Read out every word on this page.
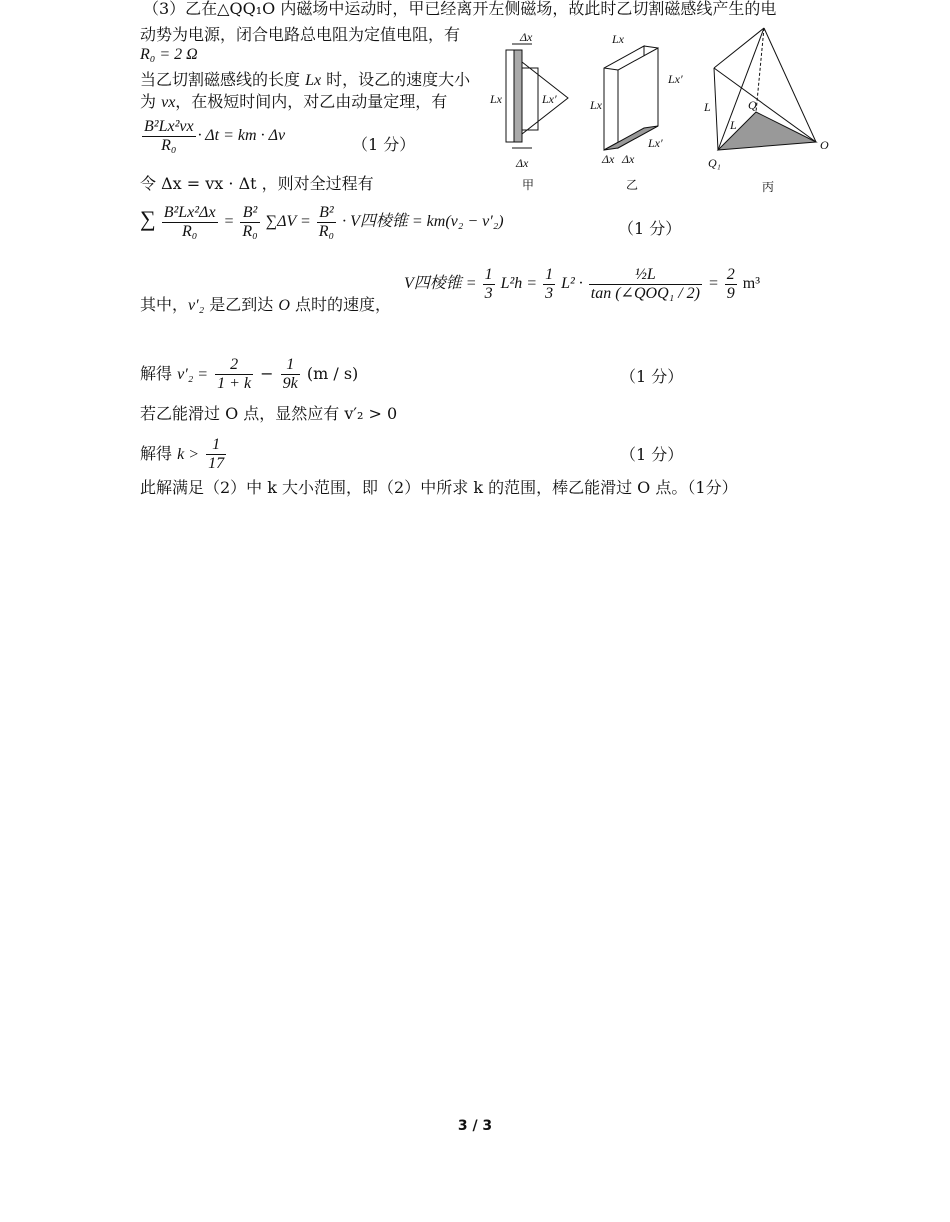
（3）乙在△QQ₁O 内磁场中运动时，甲已经离开左侧磁场，故此时乙切割磁感线产生的电
动势为电源，闭合电路总电阻为定值电阻，有
R₀ = 2 Ω
当乙切割磁感线的长度 Lx 时，设乙的速度大小
为 vx，在极短时间内，对乙由动量定理，有
$\frac{\text{B²Lx²vx}}{\text{R₀}} \cdot \Delta t$ = km · Δv	（1 分）
令 Δx = vx · Δt ，则对全过程有
∑ $\frac{\text{B²Lx²Δx}}{\text{R₀}} = \frac{\text{B²}}{\text{R₀}} \sum\Delta V = \frac{\text{B²}}{\text{R₀}} \cdot V$四棱锥 = km(v₂ − v′₂)	（1 分）
其中，v′₂ 是乙到达 O 点时的速度，
V四棱锥 = $\frac{1}{3} L^2h = \frac{1}{3} L^2 \cdot \frac{\text{½L}}{\text{tan (∠QOQ₁ / 2)}} = \frac{2}{9} m^3$
解得 $v'_2 = \frac{2}{1 + k} - \frac{1}{9k} (m / s)$	（1 分）
若乙能滑过 O 点，显然应有 v′₂ > 0
解得 $k > \frac{1}{17}$	（1 分）
此解满足（2）中 k 大小范围，即（2）中所求 k 的范围，棒乙能滑过 O 点。（1分）
Δx
Lx	Lx′
Δx
甲
Lx
Lx′
Lx
Lx′
Δx Δx
乙
L
L
Q
Q₁
O
丙
3 / 3
